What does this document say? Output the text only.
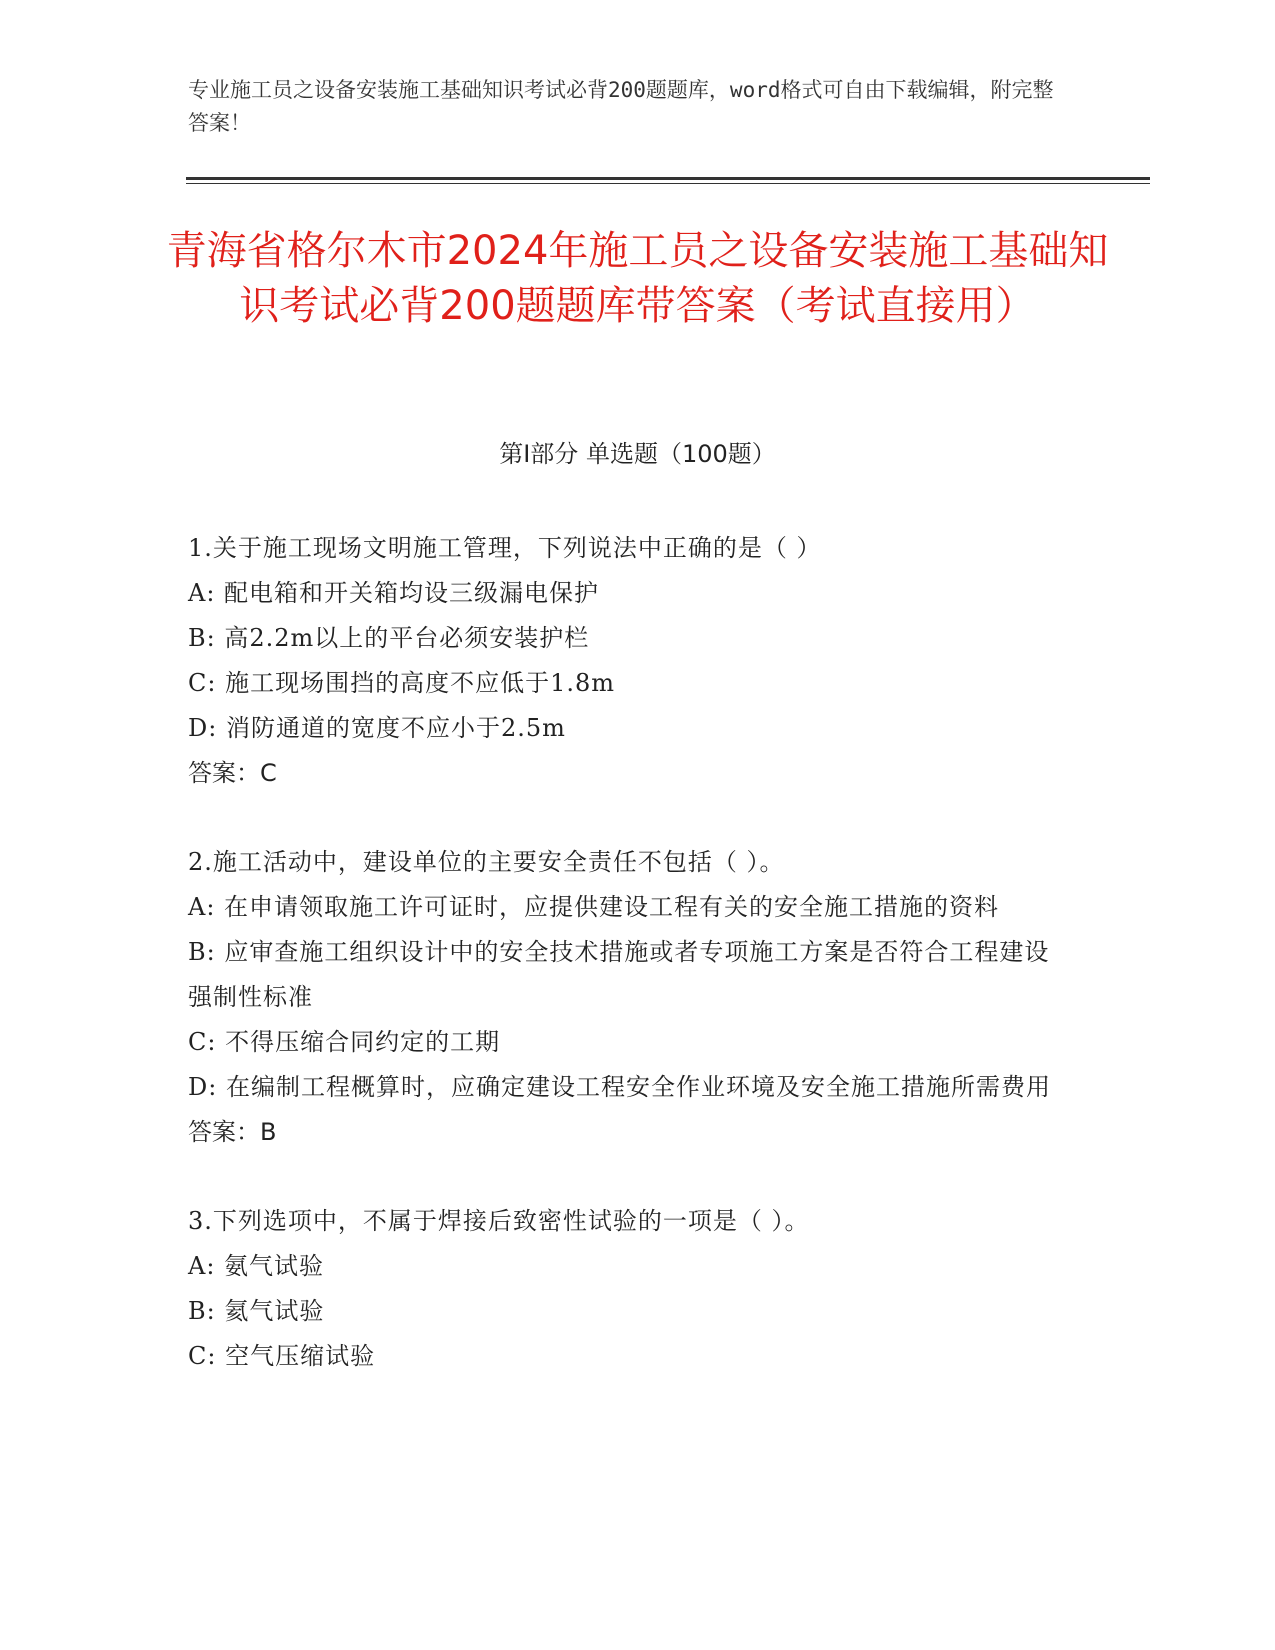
专业施工员之设备安装施工基础知识考试必背200题题库，word格式可自由下载编辑，附完整答案！
青海省格尔木市2024年施工员之设备安装施工基础知识考试必背200题题库带答案（考试直接用）
第Ⅰ部分 单选题（100题）
1.关于施工现场文明施工管理，下列说法中正确的是（ ）
A: 配电箱和开关箱均设三级漏电保护
B: 高2.2m以上的平台必须安装护栏
C: 施工现场围挡的高度不应低于1.8m
D: 消防通道的宽度不应小于2.5m
答案：C
2.施工活动中，建设单位的主要安全责任不包括（ ）。
A: 在申请领取施工许可证时，应提供建设工程有关的安全施工措施的资料
B: 应审查施工组织设计中的安全技术措施或者专项施工方案是否符合工程建设强制性标准
C: 不得压缩合同约定的工期
D: 在编制工程概算时，应确定建设工程安全作业环境及安全施工措施所需费用
答案：B
3.下列选项中，不属于焊接后致密性试验的一项是（ ）。
A: 氨气试验
B: 氦气试验
C: 空气压缩试验
